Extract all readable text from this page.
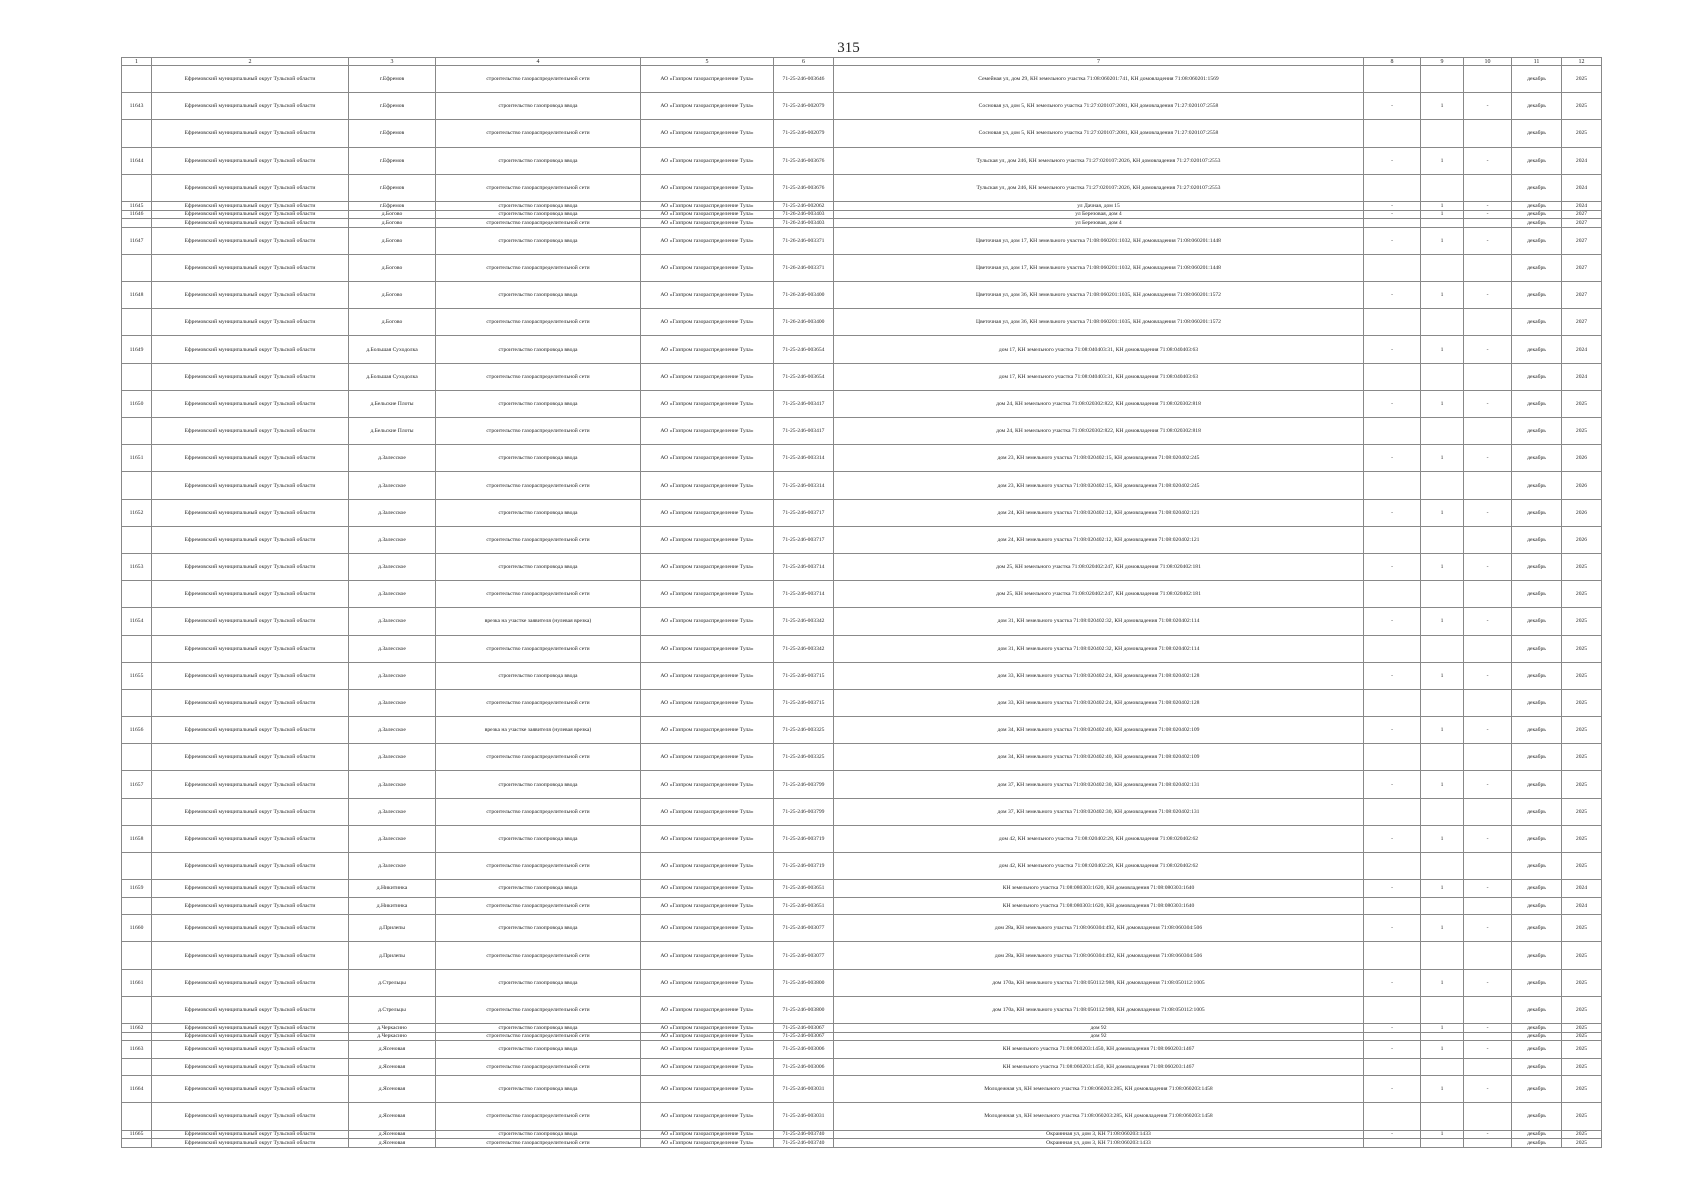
315
1	2	3	4	5	6	7	8	9	10	11	12
	Ефремовский муниципальный округ Тульской области	г.Ефремов	строительство газораспределительной сети	АО «Газпром газораспределение Тула»	71-25-246-003646	Семейная ул, дом 29, КН земельного участка 71:08:060201:741, КН домовладения 71:08:060201:1569				декабрь	2025
11643	Ефремовский муниципальный округ Тульской области	г.Ефремов	строительство газопровода ввода	АО «Газпром газораспределение Тула»	71-25-246-002079	Сосновая ул, дом 5, КН земельного участка 71:27:020107:2081, КН домовладения 71:27:020107:2558	-	1	-	декабрь	2025
	Ефремовский муниципальный округ Тульской области	г.Ефремов	строительство газораспределительной сети	АО «Газпром газораспределение Тула»	71-25-246-002079	Сосновая ул, дом 5, КН земельного участка 71:27:020107:2081, КН домовладения 71:27:020107:2558				декабрь	2025
11644	Ефремовский муниципальный округ Тульской области	г.Ефремов	строительство газопровода ввода	АО «Газпром газораспределение Тула»	71-25-246-003676	Тульская ул, дом 246, КН земельного участка 71:27:020107:2026, КН домовладения 71:27:020107:2553	-	1	-	декабрь	2024
	Ефремовский муниципальный округ Тульской области	г.Ефремов	строительство газораспределительной сети	АО «Газпром газораспределение Тула»	71-25-246-003676	Тульская ул, дом 246, КН земельного участка 71:27:020107:2026, КН домовладения 71:27:020107:2553				декабрь	2024
11645	Ефремовский муниципальный округ Тульской области	г.Ефремов	строительство газопровода ввода	АО «Газпром газораспределение Тула»	71-25-246-002062	ул Дачная, дом 15	-	1	-	декабрь	2024
11646	Ефремовский муниципальный округ Тульской области	д.Богово	строительство газопровода ввода	АО «Газпром газораспределение Тула»	71-26-246-003403	ул Березовая, дом 4	-	1	-	декабрь	2027
	Ефремовский муниципальный округ Тульской области	д.Богово	строительство газораспределительной сети	АО «Газпром газораспределение Тула»	71-26-246-003403	ул Березовая, дом 4				декабрь	2027
11647	Ефремовский муниципальный округ Тульской области	д.Богово	строительство газопровода ввода	АО «Газпром газораспределение Тула»	71-26-246-003371	Цветочная ул, дом 17, КН земельного участка 71:08:060201:1032, КН домовладения 71:08:060201:1448	-	1	-	декабрь	2027
	Ефремовский муниципальный округ Тульской области	д.Богово	строительство газораспределительной сети	АО «Газпром газораспределение Тула»	71-26-246-003371	Цветочная ул, дом 17, КН земельного участка 71:08:060201:1032, КН домовладения 71:08:060201:1448				декабрь	2027
11648	Ефремовский муниципальный округ Тульской области	д.Богово	строительство газопровода ввода	АО «Газпром газораспределение Тула»	71-26-246-003400	Цветочная ул, дом 36, КН земельного участка 71:08:060201:1035, КН домовладения 71:08:060201:1572	-	1	-	декабрь	2027
	Ефремовский муниципальный округ Тульской области	д.Богово	строительство газораспределительной сети	АО «Газпром газораспределение Тула»	71-26-246-003400	Цветочная ул, дом 36, КН земельного участка 71:08:060201:1035, КН домовладения 71:08:060201:1572				декабрь	2027
11649	Ефремовский муниципальный округ Тульской области	д.Большая Суходолка	строительство газопровода ввода	АО «Газпром газораспределение Тула»	71-25-246-003654	дом 17, КН земельного участка 71:08:040403:31, КН домовладения 71:08:040403:63	-	1	-	декабрь	2024
	Ефремовский муниципальный округ Тульской области	д.Большая Суходолка	строительство газораспределительной сети	АО «Газпром газораспределение Тула»	71-25-246-003654	дом 17, КН земельного участка 71:08:040403:31, КН домовладения 71:08:040403:63				декабрь	2024
11650	Ефремовский муниципальный округ Тульской области	д.Бельские Плоты	строительство газопровода ввода	АО «Газпром газораспределение Тула»	71-25-246-003417	дом 24, КН земельного участка 71:08:020302:822, КН домовладения 71:08:020302:818	-	1	-	декабрь	2025
	Ефремовский муниципальный округ Тульской области	д.Бельские Плоты	строительство газораспределительной сети	АО «Газпром газораспределение Тула»	71-25-246-003417	дом 24, КН земельного участка 71:08:020302:822, КН домовладения 71:08:020302:818				декабрь	2025
11651	Ефремовский муниципальный округ Тульской области	д.Залесское	строительство газопровода ввода	АО «Газпром газораспределение Тула»	71-25-246-003314	дом 23, КН земельного участка 71:08:020402:15, КН домовладения 71:08:020402:245	-	1	-	декабрь	2026
	Ефремовский муниципальный округ Тульской области	д.Залесское	строительство газораспределительной сети	АО «Газпром газораспределение Тула»	71-25-246-003314	дом 23, КН земельного участка 71:08:020402:15, КН домовладения 71:08:020402:245				декабрь	2026
11652	Ефремовский муниципальный округ Тульской области	д.Залесское	строительство газопровода ввода	АО «Газпром газораспределение Тула»	71-25-246-003717	дом 24, КН земельного участка 71:08:020402:12, КН домовладения 71:08:020402:121	-	1	-	декабрь	2026
	Ефремовский муниципальный округ Тульской области	д.Залесское	строительство газораспределительной сети	АО «Газпром газораспределение Тула»	71-25-246-003717	дом 24, КН земельного участка 71:08:020402:12, КН домовладения 71:08:020402:121				декабрь	2026
11653	Ефремовский муниципальный округ Тульской области	д.Залесское	строительство газопровода ввода	АО «Газпром газораспределение Тула»	71-25-246-003714	дом 25, КН земельного участка 71:08:020402:247, КН домовладения 71:08:020402:181	-	1	-	декабрь	2025
	Ефремовский муниципальный округ Тульской области	д.Залесское	строительство газораспределительной сети	АО «Газпром газораспределение Тула»	71-25-246-003714	дом 25, КН земельного участка 71:08:020402:247, КН домовладения 71:08:020402:181				декабрь	2025
11654	Ефремовский муниципальный округ Тульской области	д.Залесское	врезка на участке заявителя (нулевая врезка)	АО «Газпром газораспределение Тула»	71-25-246-003342	дом 31, КН земельного участка 71:08:020402:32, КН домовладения 71:08:020402:114	-	1	-	декабрь	2025
	Ефремовский муниципальный округ Тульской области	д.Залесское	строительство газораспределительной сети	АО «Газпром газораспределение Тула»	71-25-246-003342	дом 31, КН земельного участка 71:08:020402:32, КН домовладения 71:08:020402:114				декабрь	2025
11655	Ефремовский муниципальный округ Тульской области	д.Залесское	строительство газопровода ввода	АО «Газпром газораспределение Тула»	71-25-246-003715	дом 33, КН земельного участка 71:08:020402:24, КН домовладения 71:08:020402:128	-	1	-	декабрь	2025
	Ефремовский муниципальный округ Тульской области	д.Залесское	строительство газораспределительной сети	АО «Газпром газораспределение Тула»	71-25-246-003715	дом 33, КН земельного участка 71:08:020402:24, КН домовладения 71:08:020402:128				декабрь	2025
11656	Ефремовский муниципальный округ Тульской области	д.Залесское	врезка на участке заявителя (нулевая врезка)	АО «Газпром газораспределение Тула»	71-25-246-003325	дом 34, КН земельного участка 71:08:020402:40, КН домовладения 71:08:020402:109	-	1	-	декабрь	2025
	Ефремовский муниципальный округ Тульской области	д.Залесское	строительство газораспределительной сети	АО «Газпром газораспределение Тула»	71-25-246-003325	дом 34, КН земельного участка 71:08:020402:40, КН домовладения 71:08:020402:109				декабрь	2025
11657	Ефремовский муниципальный округ Тульской области	д.Залесское	строительство газопровода ввода	АО «Газпром газораспределение Тула»	71-25-246-003799	дом 37, КН земельного участка 71:08:020402:30, КН домовладения 71:08:020402:131	-	1	-	декабрь	2025
	Ефремовский муниципальный округ Тульской области	д.Залесское	строительство газораспределительной сети	АО «Газпром газораспределение Тула»	71-25-246-003799	дом 37, КН земельного участка 71:08:020402:30, КН домовладения 71:08:020402:131				декабрь	2025
11658	Ефремовский муниципальный округ Тульской области	д.Залесское	строительство газопровода ввода	АО «Газпром газораспределение Тула»	71-25-246-003719	дом 42, КН земельного участка 71:08:020402:28, КН домовладения 71:08:020402:62	-	1	-	декабрь	2025
	Ефремовский муниципальный округ Тульской области	д.Залесское	строительство газораспределительной сети	АО «Газпром газораспределение Тула»	71-25-246-003719	дом 42, КН земельного участка 71:08:020402:28, КН домовладения 71:08:020402:62				декабрь	2025
11659	Ефремовский муниципальный округ Тульской области	д.Никитинка	строительство газопровода ввода	АО «Газпром газораспределение Тула»	71-25-246-003651	КН земельного участка 71:08:080303:1620, КН домовладения 71:08:080303:1640	-	1	-	декабрь	2024
	Ефремовский муниципальный округ Тульской области	д.Никитинка	строительство газораспределительной сети	АО «Газпром газораспределение Тула»	71-25-246-003651	КН земельного участка 71:08:080303:1620, КН домовладения 71:08:080303:1640				декабрь	2024
11660	Ефремовский муниципальный округ Тульской области	д.Прилепы	строительство газопровода ввода	АО «Газпром газораспределение Тула»	71-25-246-003077	дом 28а, КН земельного участка 71:08:060304:492, КН домовладения 71:08:060304:506	-	1	-	декабрь	2025
	Ефремовский муниципальный округ Тульской области	д.Прилепы	строительство газораспределительной сети	АО «Газпром газораспределение Тула»	71-25-246-003077	дом 28а, КН земельного участка 71:08:060304:492, КН домовладения 71:08:060304:506				декабрь	2025
11661	Ефремовский муниципальный округ Тульской области	д.Стрельцы	строительство газопровода ввода	АО «Газпром газораспределение Тула»	71-25-246-003800	дом 170а, КН земельного участка 71:08:050112:988, КН домовладения 71:08:050112:1005	-	1	-	декабрь	2025
	Ефремовский муниципальный округ Тульской области	д.Стрельцы	строительство газораспределительной сети	АО «Газпром газораспределение Тула»	71-25-246-003800	дом 170а, КН земельного участка 71:08:050112:988, КН домовладения 71:08:050112:1005				декабрь	2025
11662	Ефремовский муниципальный округ Тульской области	д.Черкасино	строительство газопровода ввода	АО «Газпром газораспределение Тула»	71-25-246-003067	дом 92	-	1	-	декабрь	2025
	Ефремовский муниципальный округ Тульской области	д.Черкасино	строительство газораспределительной сети	АО «Газпром газораспределение Тула»	71-25-246-003067	дом 92				декабрь	2025
11663	Ефремовский муниципальный округ Тульской области	д.Ясеновая	строительство газопровода ввода	АО «Газпром газораспределение Тула»	71-25-246-003006	КН земельного участка 71:08:060203:1450, КН домовладения 71:08:060203:1467	-	1	-	декабрь	2025
	Ефремовский муниципальный округ Тульской области	д.Ясеновая	строительство газораспределительной сети	АО «Газпром газораспределение Тула»	71-25-246-003006	КН земельного участка 71:08:060203:1450, КН домовладения 71:08:060203:1467				декабрь	2025
11664	Ефремовский муниципальный округ Тульской области	д.Ясеновая	строительство газопровода ввода	АО «Газпром газораспределение Тула»	71-25-246-003031	Молодежная ул, КН земельного участка 71:08:060203:285, КН домовладения 71:08:060203:1458	-	1	-	декабрь	2025
	Ефремовский муниципальный округ Тульской области	д.Ясеновая	строительство газораспределительной сети	АО «Газпром газораспределение Тула»	71-25-246-003031	Молодежная ул, КН земельного участка 71:08:060203:285, КН домовладения 71:08:060203:1458				декабрь	2025
11665	Ефремовский муниципальный округ Тульской области	д.Ясеновая	строительство газопровода ввода	АО «Газпром газораспределение Тула»	71-25-246-003740	Окраинная ул, дом 3, КН 71:08:060203:1433	-	1	-	декабрь	2025
	Ефремовский муниципальный округ Тульской области	д.Ясеновая	строительство газораспределительной сети	АО «Газпром газораспределение Тула»	71-25-246-003740	Окраинная ул, дом 3, КН 71:08:060203:1433				декабрь	2025
